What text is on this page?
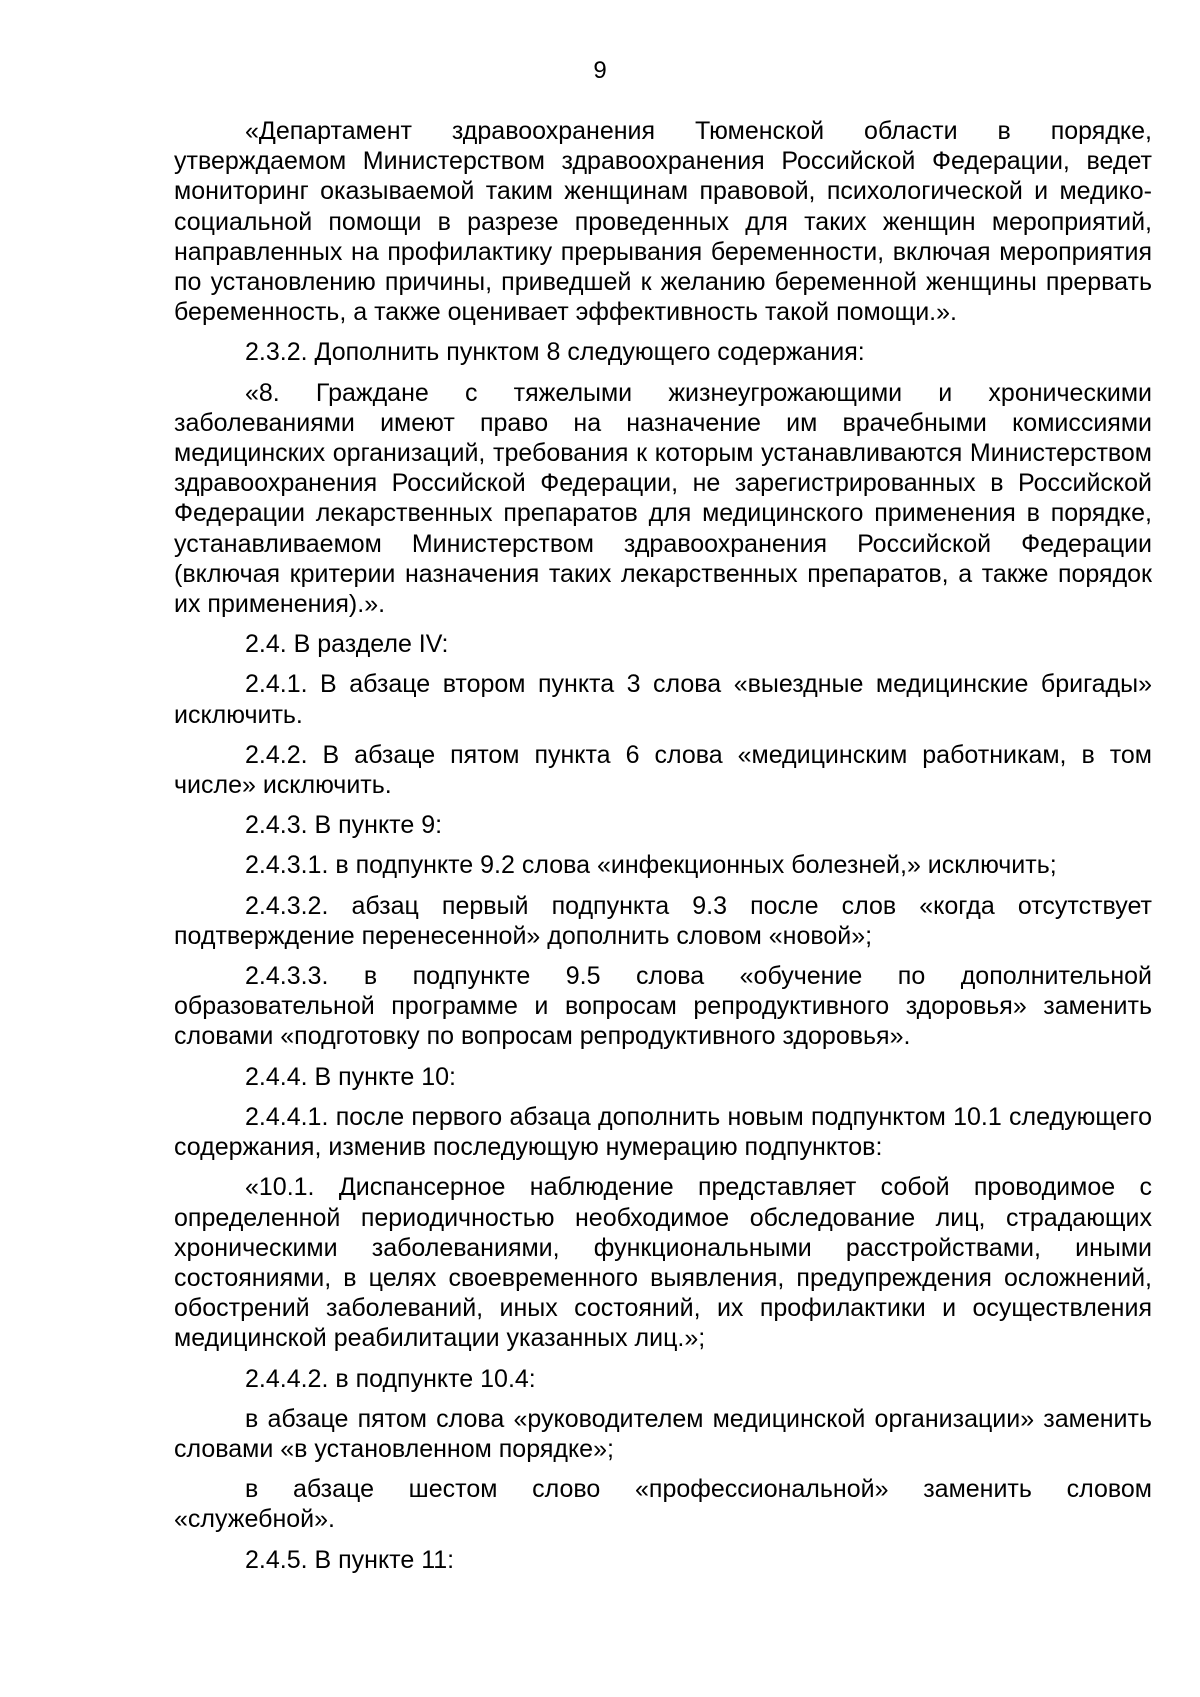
9

«Департамент здравоохранения Тюменской области в порядке, утверждаемом Министерством здравоохранения Российской Федерации, ведет мониторинг оказываемой таким женщинам правовой, психологической и медико-социальной помощи в разрезе проведенных для таких женщин мероприятий, направленных на профилактику прерывания беременности, включая мероприятия по установлению причины, приведшей к желанию беременной женщины прервать беременность, а также оценивает эффективность такой помощи.».

2.3.2. Дополнить пунктом 8 следующего содержания:

«8. Граждане с тяжелыми жизнеугрожающими и хроническими заболеваниями имеют право на назначение им врачебными комиссиями медицинских организаций, требования к которым устанавливаются Министерством здравоохранения Российской Федерации, не зарегистрированных в Российской Федерации лекарственных препаратов для медицинского применения в порядке, устанавливаемом Министерством здравоохранения Российской Федерации (включая критерии назначения таких лекарственных препаратов, а также порядок их применения).».

2.4. В разделе IV:

2.4.1. В абзаце втором пункта 3 слова «выездные медицинские бригады» исключить.

2.4.2. В абзаце пятом пункта 6 слова «медицинским работникам, в том числе» исключить.

2.4.3. В пункте 9:

2.4.3.1. в подпункте 9.2 слова «инфекционных болезней,» исключить;

2.4.3.2. абзац первый подпункта 9.3 после слов «когда отсутствует подтверждение перенесенной» дополнить словом «новой»;

2.4.3.3. в подпункте 9.5 слова «обучение по дополнительной образовательной программе и вопросам репродуктивного здоровья» заменить словами «подготовку по вопросам репродуктивного здоровья».

2.4.4. В пункте 10:

2.4.4.1. после первого абзаца дополнить новым подпунктом 10.1 следующего содержания, изменив последующую нумерацию подпунктов:

«10.1. Диспансерное наблюдение представляет собой проводимое с определенной периодичностью необходимое обследование лиц, страдающих хроническими заболеваниями, функциональными расстройствами, иными состояниями, в целях своевременного выявления, предупреждения осложнений, обострений заболеваний, иных состояний, их профилактики и осуществления медицинской реабилитации указанных лиц.»;

2.4.4.2. в подпункте 10.4:

в абзаце пятом слова «руководителем медицинской организации» заменить словами «в установленном порядке»;

в абзаце шестом слово «профессиональной» заменить словом «служебной».

2.4.5. В пункте 11:
